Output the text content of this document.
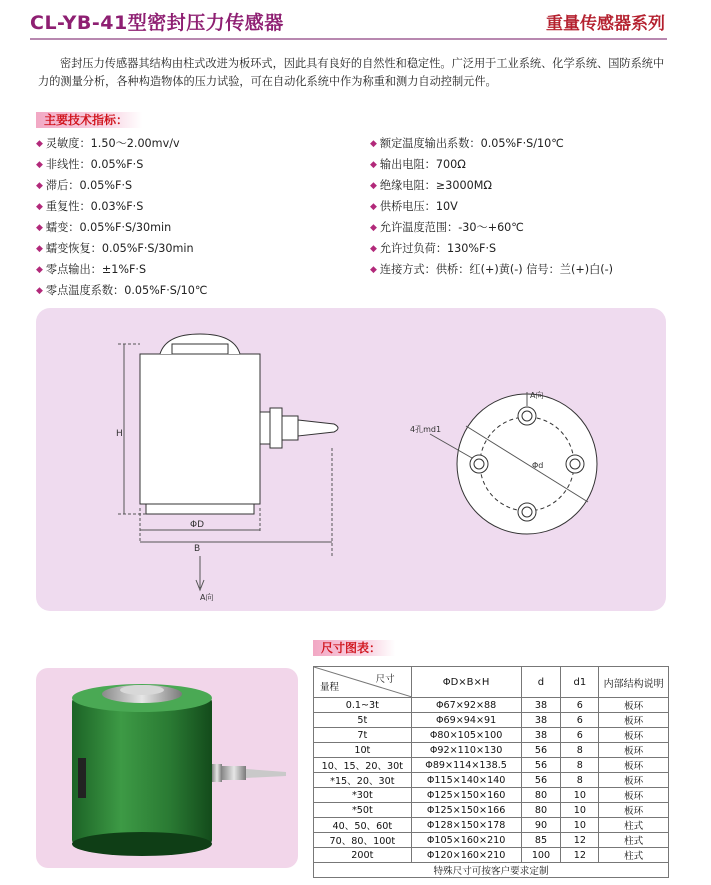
CL-YB-41型密封压力传感器	重量传感器系列
密封压力传感器其结构由柱式改进为板环式，因此具有良好的自然性和稳定性。广泛用于工业系统、化学系统、国防系统中力的测量分析，各种构造物体的压力试验，可在自动化系统中作为称重和测力自动控制元件。
主要技术指标：
◆ 灵敏度：1.50～2.00mv/v
◆ 非线性：0.05%F·S
◆ 滞后：0.05%F·S
◆ 重复性：0.03%F·S
◆ 蠕变：0.05%F·S/30min
◆ 蠕变恢复：0.05%F·S/30min
◆ 零点输出：±1%F·S
◆ 零点温度系数：0.05%F·S/10℃
◆ 额定温度输出系数：0.05%F·S/10℃
◆ 输出电阻：700Ω
◆ 绝缘电阻：≥3000MΩ
◆ 供桥电压：10V
◆ 允许温度范围：-30～+60℃
◆ 允许过负荷：130%F·S
◆ 连接方式：供桥：红(+)黄(-) 信号：兰(+)白(-)
H
ΦD
B
A向
A向
4孔md1
Φd
尺寸图表：
尺寸
量程	ΦD×B×H	d	d1	内部结构说明
0.1~3t	Φ67×92×88	38	6	板环
5t	Φ69×94×91	38	6	板环
7t	Φ80×105×100	38	6	板环
10t	Φ92×110×130	56	8	板环
10、15、20、30t	Φ89×114×138.5	56	8	板环
*15、20、30t	Φ115×140×140	56	8	板环
*30t	Φ125×150×160	80	10	板环
*50t	Φ125×150×166	80	10	板环
40、50、60t	Φ128×150×178	90	10	柱式
70、80、100t	Φ105×160×210	85	12	柱式
200t	Φ120×160×210	100	12	柱式
特殊尺寸可按客户要求定制				
